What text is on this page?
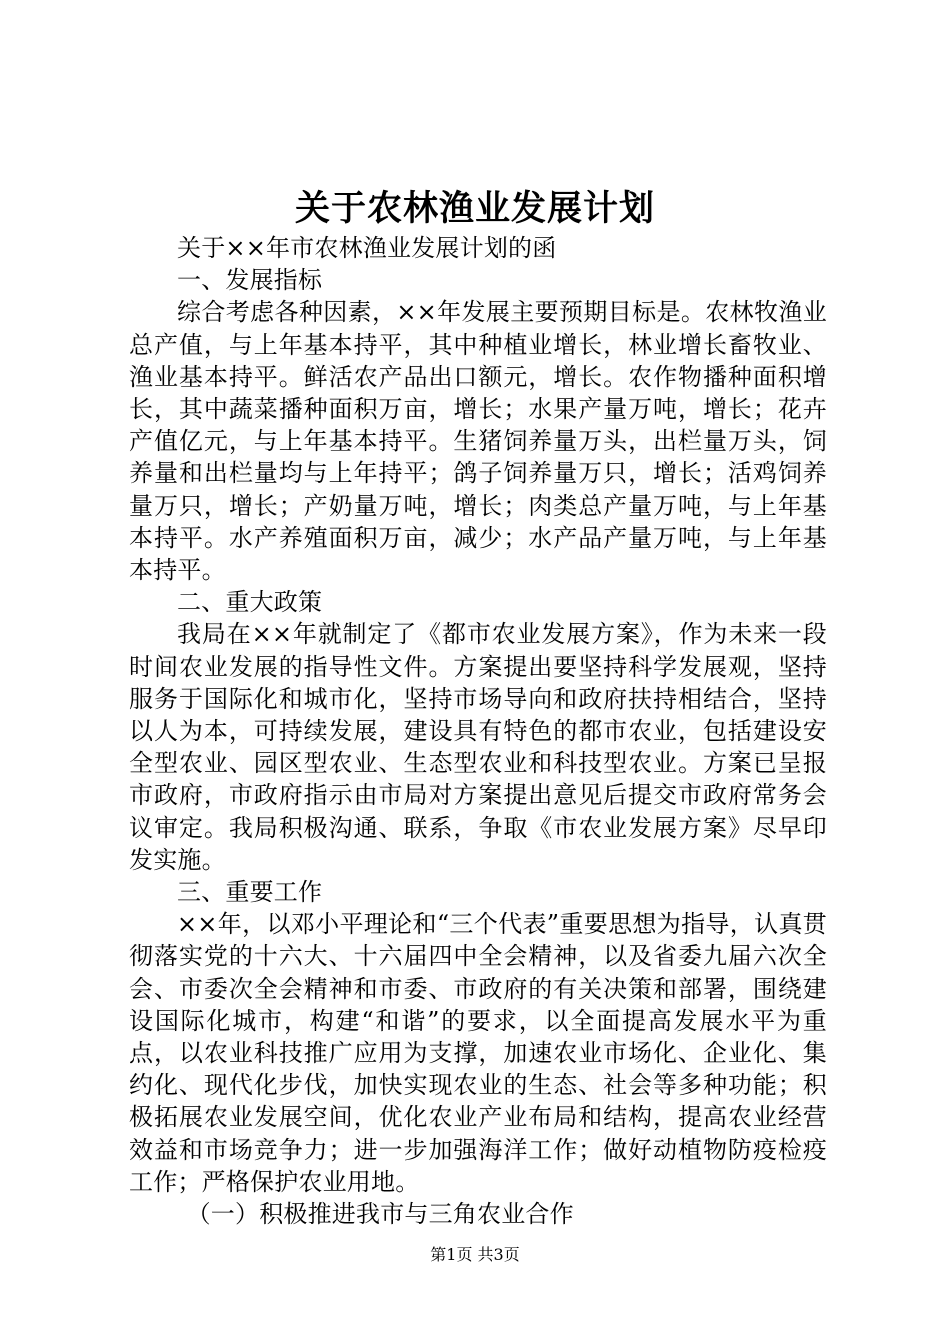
关于农林渔业发展计划

关于××年市农林渔业发展计划的函

一、发展指标

综合考虑各种因素，××年发展主要预期目标是。农林牧渔业总产值，与上年基本持平，其中种植业增长，林业增长畜牧业、渔业基本持平。鲜活农产品出口额元，增长。农作物播种面积增长，其中蔬菜播种面积万亩，增长；水果产量万吨，增长；花卉产值亿元，与上年基本持平。生猪饲养量万头，出栏量万头，饲养量和出栏量均与上年持平；鸽子饲养量万只，增长；活鸡饲养量万只，增长；产奶量万吨，增长；肉类总产量万吨，与上年基本持平。水产养殖面积万亩，减少；水产品产量万吨，与上年基本持平。

二、重大政策

我局在××年就制定了《都市农业发展方案》，作为未来一段时间农业发展的指导性文件。方案提出要坚持科学发展观，坚持服务于国际化和城市化，坚持市场导向和政府扶持相结合，坚持以人为本，可持续发展，建设具有特色的都市农业，包括建设安全型农业、园区型农业、生态型农业和科技型农业。方案已呈报市政府，市政府指示由市局对方案提出意见后提交市政府常务会议审定。我局积极沟通、联系，争取《市农业发展方案》尽早印发实施。

三、重要工作

××年，以邓小平理论和“三个代表”重要思想为指导，认真贯彻落实党的十六大、十六届四中全会精神，以及省委九届六次全会、市委次全会精神和市委、市政府的有关决策和部署，围绕建设国际化城市，构建“和谐”的要求，以全面提高发展水平为重点，以农业科技推广应用为支撑，加速农业市场化、企业化、集约化、现代化步伐，加快实现农业的生态、社会等多种功能；积极拓展农业发展空间，优化农业产业布局和结构，提高农业经营效益和市场竞争力；进一步加强海洋工作；做好动植物防疫检疫工作；严格保护农业用地。

（一）积极推进我市与三角农业合作

第1页 共3页
